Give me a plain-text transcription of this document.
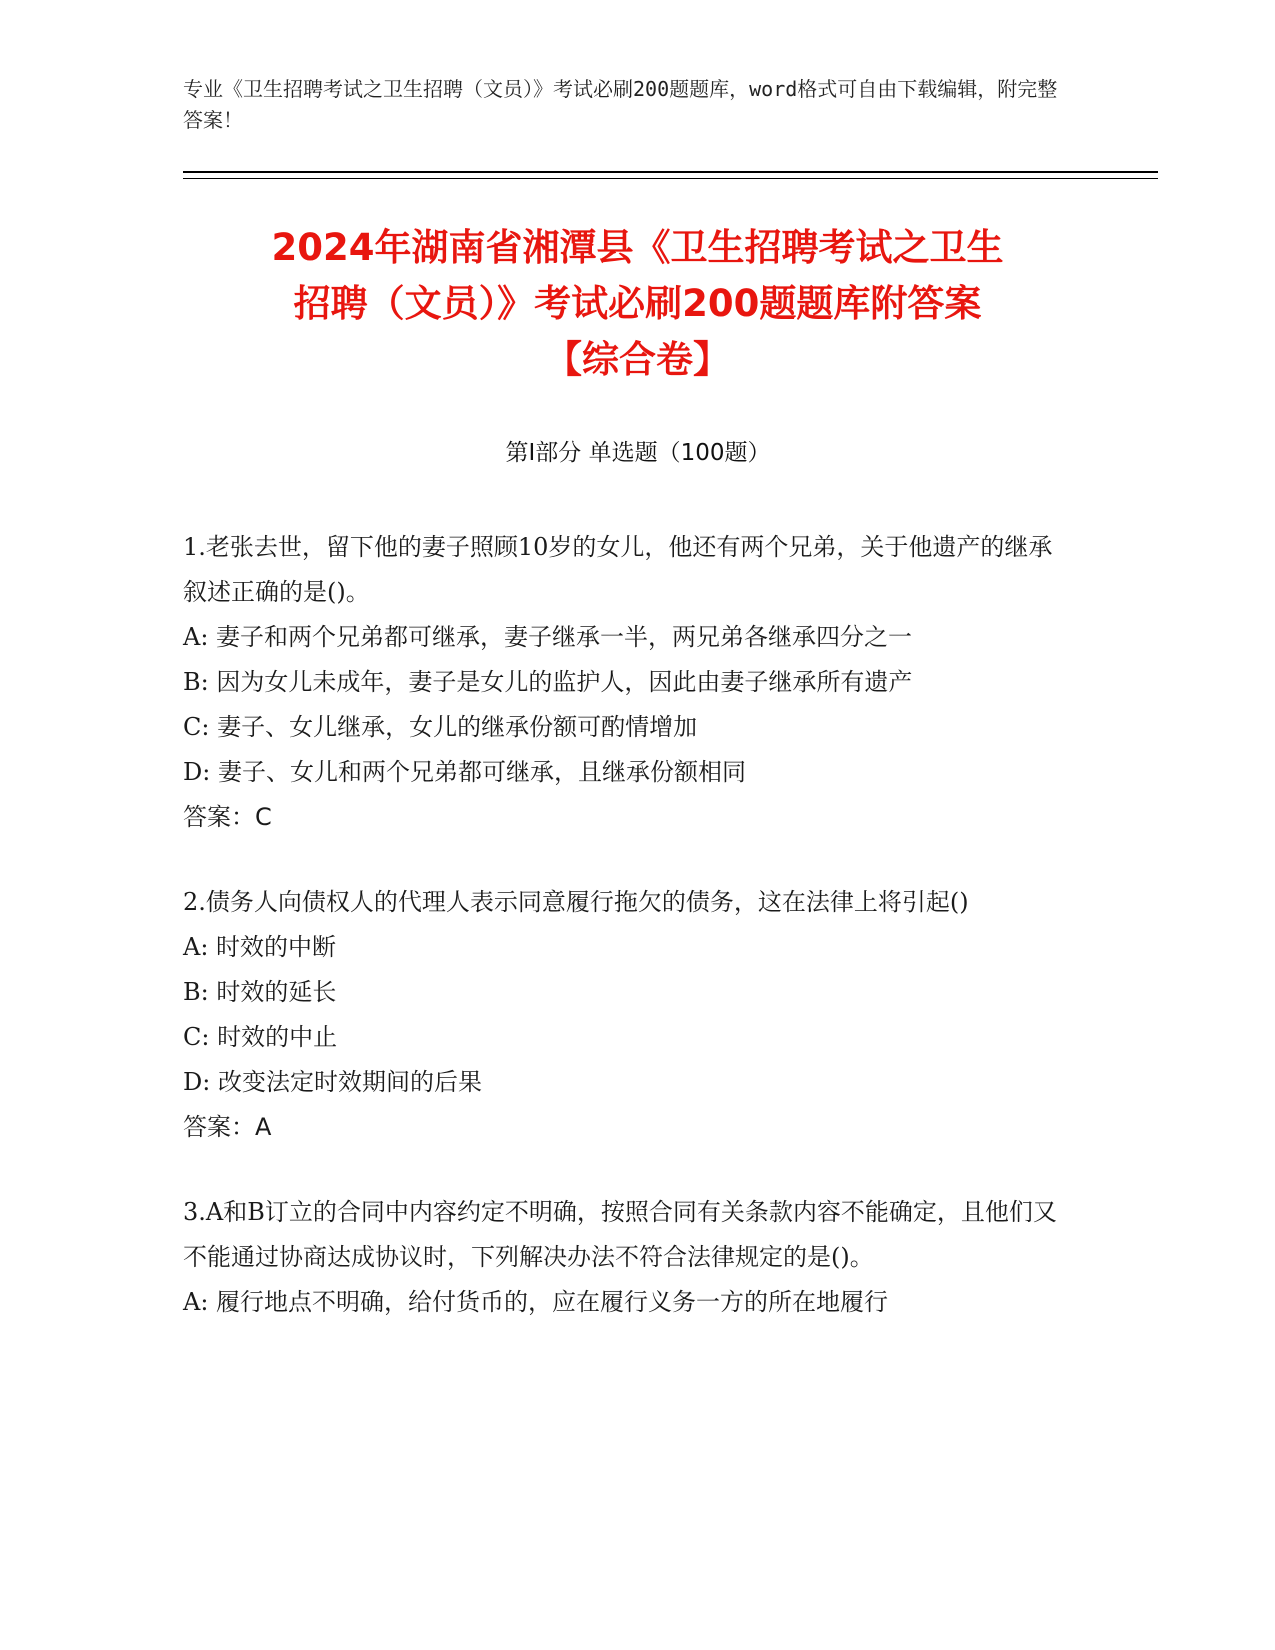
专业《卫生招聘考试之卫生招聘（文员）》考试必刷200题题库，word格式可自由下载编辑，附完整答案！
2024年湖南省湘潭县《卫生招聘考试之卫生
招聘（文员）》考试必刷200题题库附答案
【综合卷】
第I部分 单选题（100题）

1.老张去世，留下他的妻子照顾10岁的女儿，他还有两个兄弟，关于他遗产的继承叙述正确的是()。

A: 妻子和两个兄弟都可继承，妻子继承一半，两兄弟各继承四分之一

B: 因为女儿未成年，妻子是女儿的监护人，因此由妻子继承所有遗产

C: 妻子、女儿继承，女儿的继承份额可酌情增加

D: 妻子、女儿和两个兄弟都可继承，且继承份额相同

答案：C

2.债务人向债权人的代理人表示同意履行拖欠的债务，这在法律上将引起()

A: 时效的中断

B: 时效的延长

C: 时效的中止

D: 改变法定时效期间的后果

答案：A

3.A和B订立的合同中内容约定不明确，按照合同有关条款内容不能确定，且他们又不能通过协商达成协议时，下列解决办法不符合法律规定的是()。

A: 履行地点不明确，给付货币的，应在履行义务一方的所在地履行
